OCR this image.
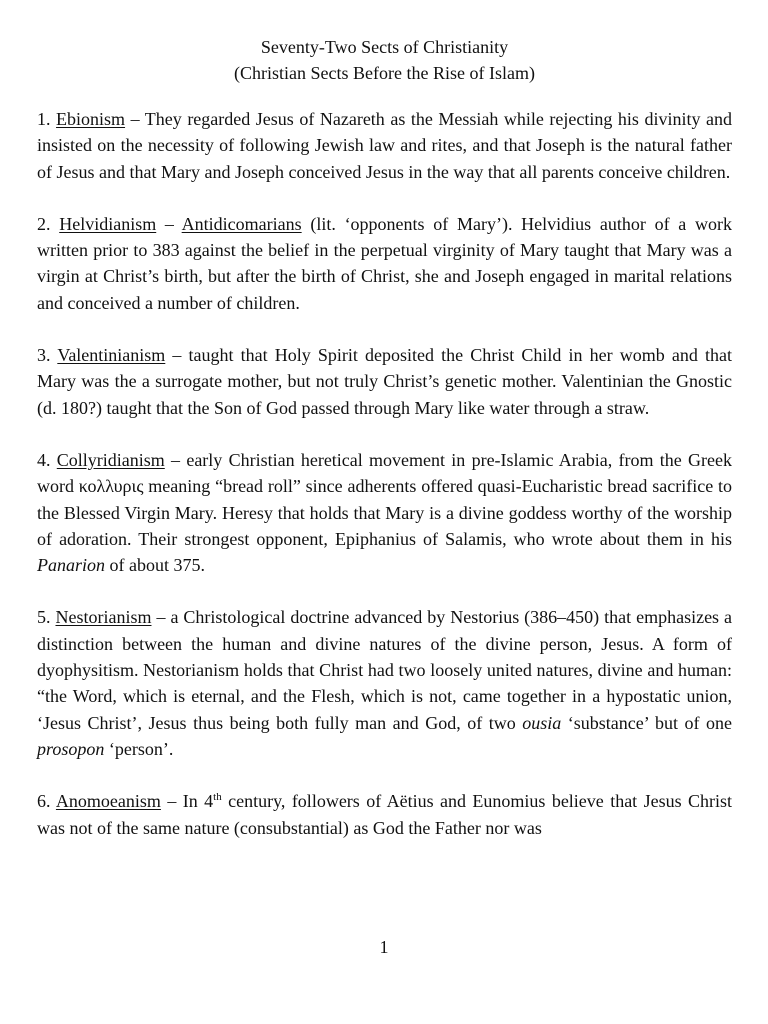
Seventy-Two Sects of Christianity
(Christian Sects Before the Rise of Islam)

1. Ebionism – They regarded Jesus of Nazareth as the Messiah while rejecting his divinity and insisted on the necessity of following Jewish law and rites, and that Joseph is the natural father of Jesus and that Mary and Joseph conceived Jesus in the way that all parents conceive children.

2. Helvidianism – Antidicomarians (lit. ‘opponents of Mary’). Helvidius author of a work written prior to 383 against the belief in the perpetual virginity of Mary taught that Mary was a virgin at Christ’s birth, but after the birth of Christ, she and Joseph engaged in marital relations and conceived a number of children.

3. Valentinianism – taught that Holy Spirit deposited the Christ Child in her womb and that Mary was the a surrogate mother, but not truly Christ’s genetic mother. Valentinian the Gnostic (d. 180?) taught that the Son of God passed through Mary like water through a straw.

4. Collyridianism – early Christian heretical movement in pre-Islamic Arabia, from the Greek word κολλυρις meaning “bread roll” since adherents offered quasi-Eucharistic bread sacrifice to the Blessed Virgin Mary. Heresy that holds that Mary is a divine goddess worthy of the worship of adoration. Their strongest opponent, Epiphanius of Salamis, who wrote about them in his Panarion of about 375.

5. Nestorianism – a Christological doctrine advanced by Nestorius (386–450) that emphasizes a distinction between the human and divine natures of the divine person, Jesus. A form of dyophysitism. Nestorianism holds that Christ had two loosely united natures, divine and human: “the Word, which is eternal, and the Flesh, which is not, came together in a hypostatic union, ‘Jesus Christ’, Jesus thus being both fully man and God, of two ousia ‘substance’ but of one prosopon ‘person’.

6. Anomoeanism – In 4th century, followers of Aëtius and Eunomius believe that Jesus Christ was not of the same nature (consubstantial) as God the Father nor was

1
